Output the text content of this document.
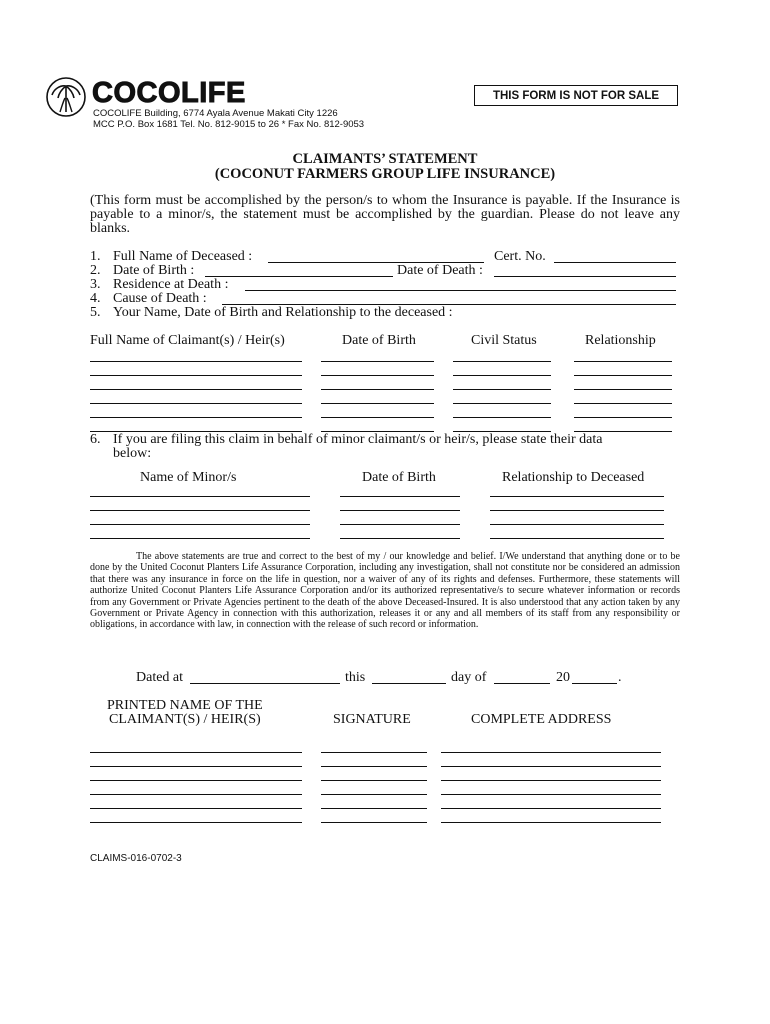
COCOLIFE
COCOLIFE Building, 6774 Ayala Avenue Makati City 1226
MCC P.O. Box 1681 Tel. No. 812-9015 to 26 * Fax No. 812-9053
THIS FORM IS NOT FOR SALE
CLAIMANTS’ STATEMENT
(COCONUT FARMERS GROUP LIFE INSURANCE)
(This form must be accomplished by the person/s to whom the Insurance is payable. If the Insurance is payable to a minor/s, the statement must be accomplished by the guardian. Please do not leave any blanks.
1. Full Name of Deceased :	Cert. No.
2. Date of Birth :	Date of Death :
3. Residence at Death :
4. Cause of Death :
5. Your Name, Date of Birth and Relationship to the deceased :
Full Name of Claimant(s) / Heir(s)	Date of Birth	Civil Status	Relationship
6. If you are filing this claim in behalf of minor claimant/s or heir/s, please state their data
below:
Name of Minor/s	Date of Birth	Relationship to Deceased
The above statements are true and correct to the best of my / our knowledge and belief. I/We understand that anything done or to be done by the United Coconut Planters Life Assurance Corporation, including any investigation, shall not constitute nor be considered an admission that there was any insurance in force on the life in question, nor a waiver of any of its rights and defenses. Furthermore, these statements will authorize United Coconut Planters Life Assurance Corporation and/or its authorized representative/s to secure whatever information or records from any Government or Private Agencies pertinent to the death of the above Deceased-Insured. It is also understood that any action taken by any Government or Private Agency in connection with this authorization, releases it or any and all members of its staff from any responsibility or obligations, in accordance with law, in connection with the release of such record or information.
Dated at	this	day of	20	.
PRINTED NAME OF THE
CLAIMANT(S) / HEIR(S)	SIGNATURE	COMPLETE ADDRESS
CLAIMS-016-0702-3
